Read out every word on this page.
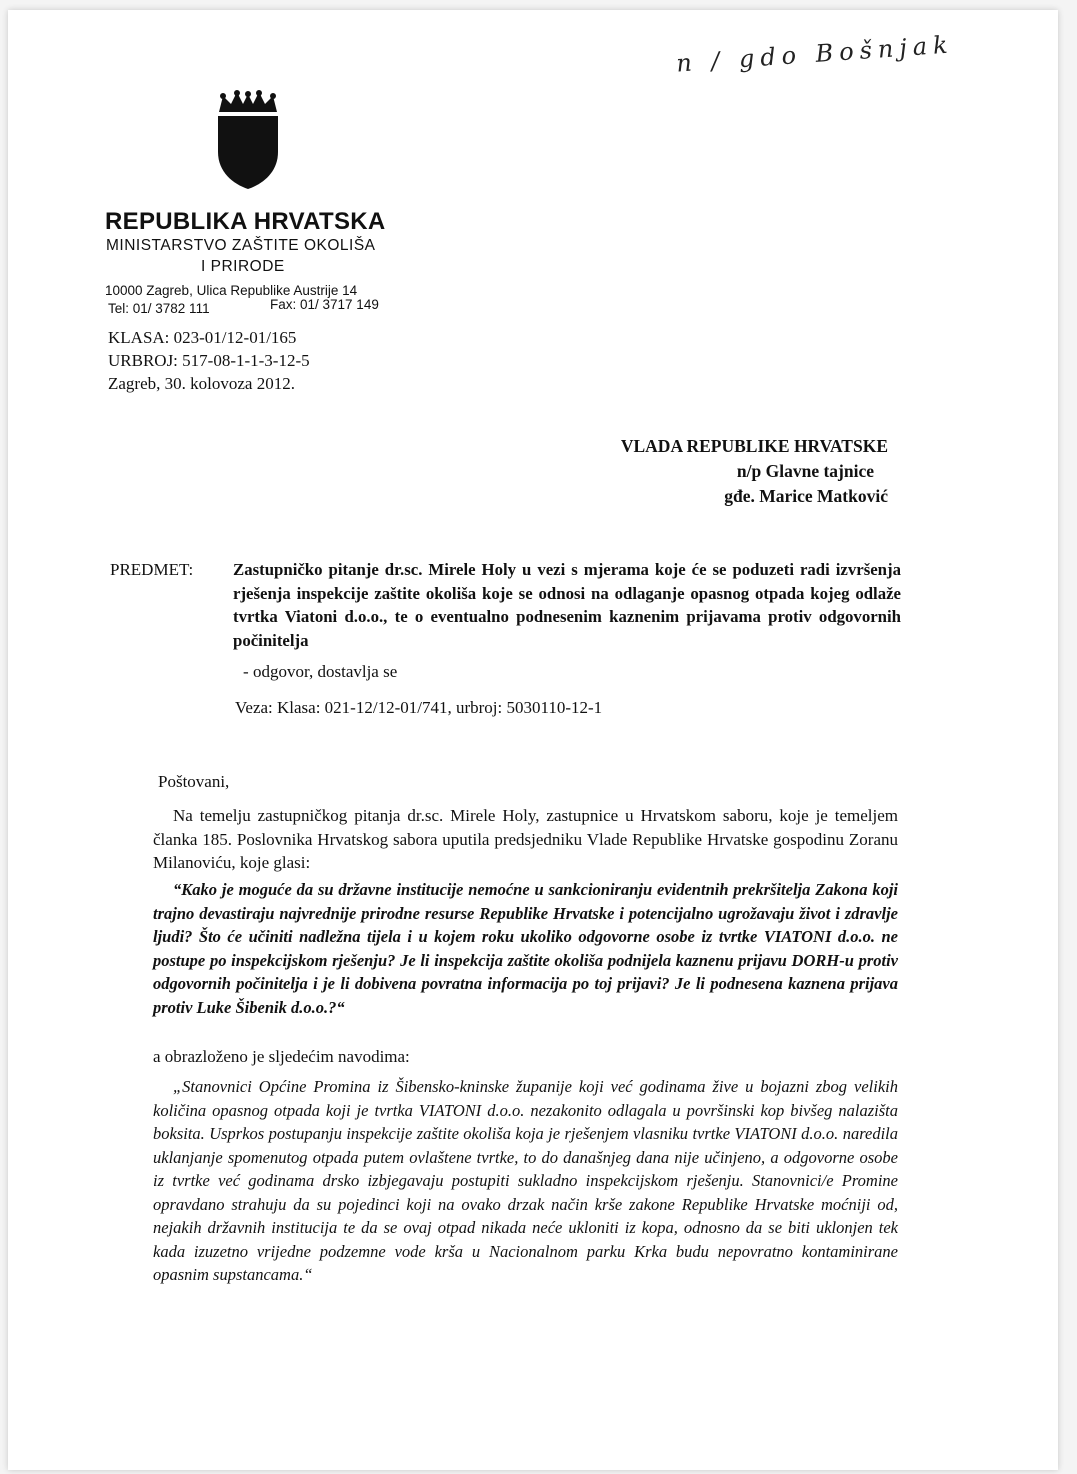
n / gdo Bošnjak
REPUBLIKA HRVATSKA
MINISTARSTVO ZAŠTITE OKOLIŠA
I PRIRODE
10000 Zagreb, Ulica Republike Austrije 14
Tel: 01/ 3782 111	Fax: 01/ 3717 149
KLASA: 023-01/12-01/165
URBROJ: 517-08-1-1-3-12-5
Zagreb, 30. kolovoza 2012.
VLADA REPUBLIKE HRVATSKE
n/p Glavne tajnice
gđe. Marice Matković
PREDMET: Zastupničko pitanje dr.sc. Mirele Holy u vezi s mjerama koje će se poduzeti radi izvršenja rješenja inspekcije zaštite okoliša koje se odnosi na odlaganje opasnog otpada kojeg odlaže tvrtka Viatoni d.o.o., te o eventualno podnesenim kaznenim prijavama protiv odgovornih počinitelja
- odgovor, dostavlja se
Veza: Klasa: 021-12/12-01/741, urbroj: 5030110-12-1
Poštovani,
Na temelju zastupničkog pitanja dr.sc. Mirele Holy, zastupnice u Hrvatskom saboru, koje je temeljem članka 185. Poslovnika Hrvatskog sabora uputila predsjedniku Vlade Republike Hrvatske gospodinu Zoranu Milanoviću, koje glasi:
“Kako je moguće da su državne institucije nemoćne u sankcioniranju evidentnih prekršitelja Zakona koji trajno devastiraju najvrednije prirodne resurse Republike Hrvatske i potencijalno ugrožavaju život i zdravlje ljudi? Što će učiniti nadležna tijela i u kojem roku ukoliko odgovorne osobe iz tvrtke VIATONI d.o.o. ne postupe po inspekcijskom rješenju? Je li inspekcija zaštite okoliša podnijela kaznenu prijavu DORH-u protiv odgovornih počinitelja i je li dobivena povratna informacija po toj prijavi? Je li podnesena kaznena prijava protiv Luke Šibenik d.o.o.?“
a obrazloženo je sljedećim navodima:
„Stanovnici Općine Promina iz Šibensko-kninske županije koji već godinama žive u bojazni zbog velikih količina opasnog otpada koji je tvrtka VIATONI d.o.o. nezakonito odlagala u površinski kop bivšeg nalazišta boksita. Usprkos postupanju inspekcije zaštite okoliša koja je rješenjem vlasniku tvrtke VIATONI d.o.o. naredila uklanjanje spomenutog otpada putem ovlaštene tvrtke, to do današnjeg dana nije učinjeno, a odgovorne osobe iz tvrtke već godinama drsko izbjegavaju postupiti sukladno inspekcijskom rješenju. Stanovnici/e Promine opravdano strahuju da su pojedinci koji na ovako drzak način krše zakone Republike Hrvatske moćniji od, nejakih državnih institucija te da se ovaj otpad nikada neće ukloniti iz kopa, odnosno da se biti uklonjen tek kada izuzetno vrijedne podzemne vode krša u Nacionalnom parku Krka budu nepovratno kontaminirane opasnim supstancama.“
